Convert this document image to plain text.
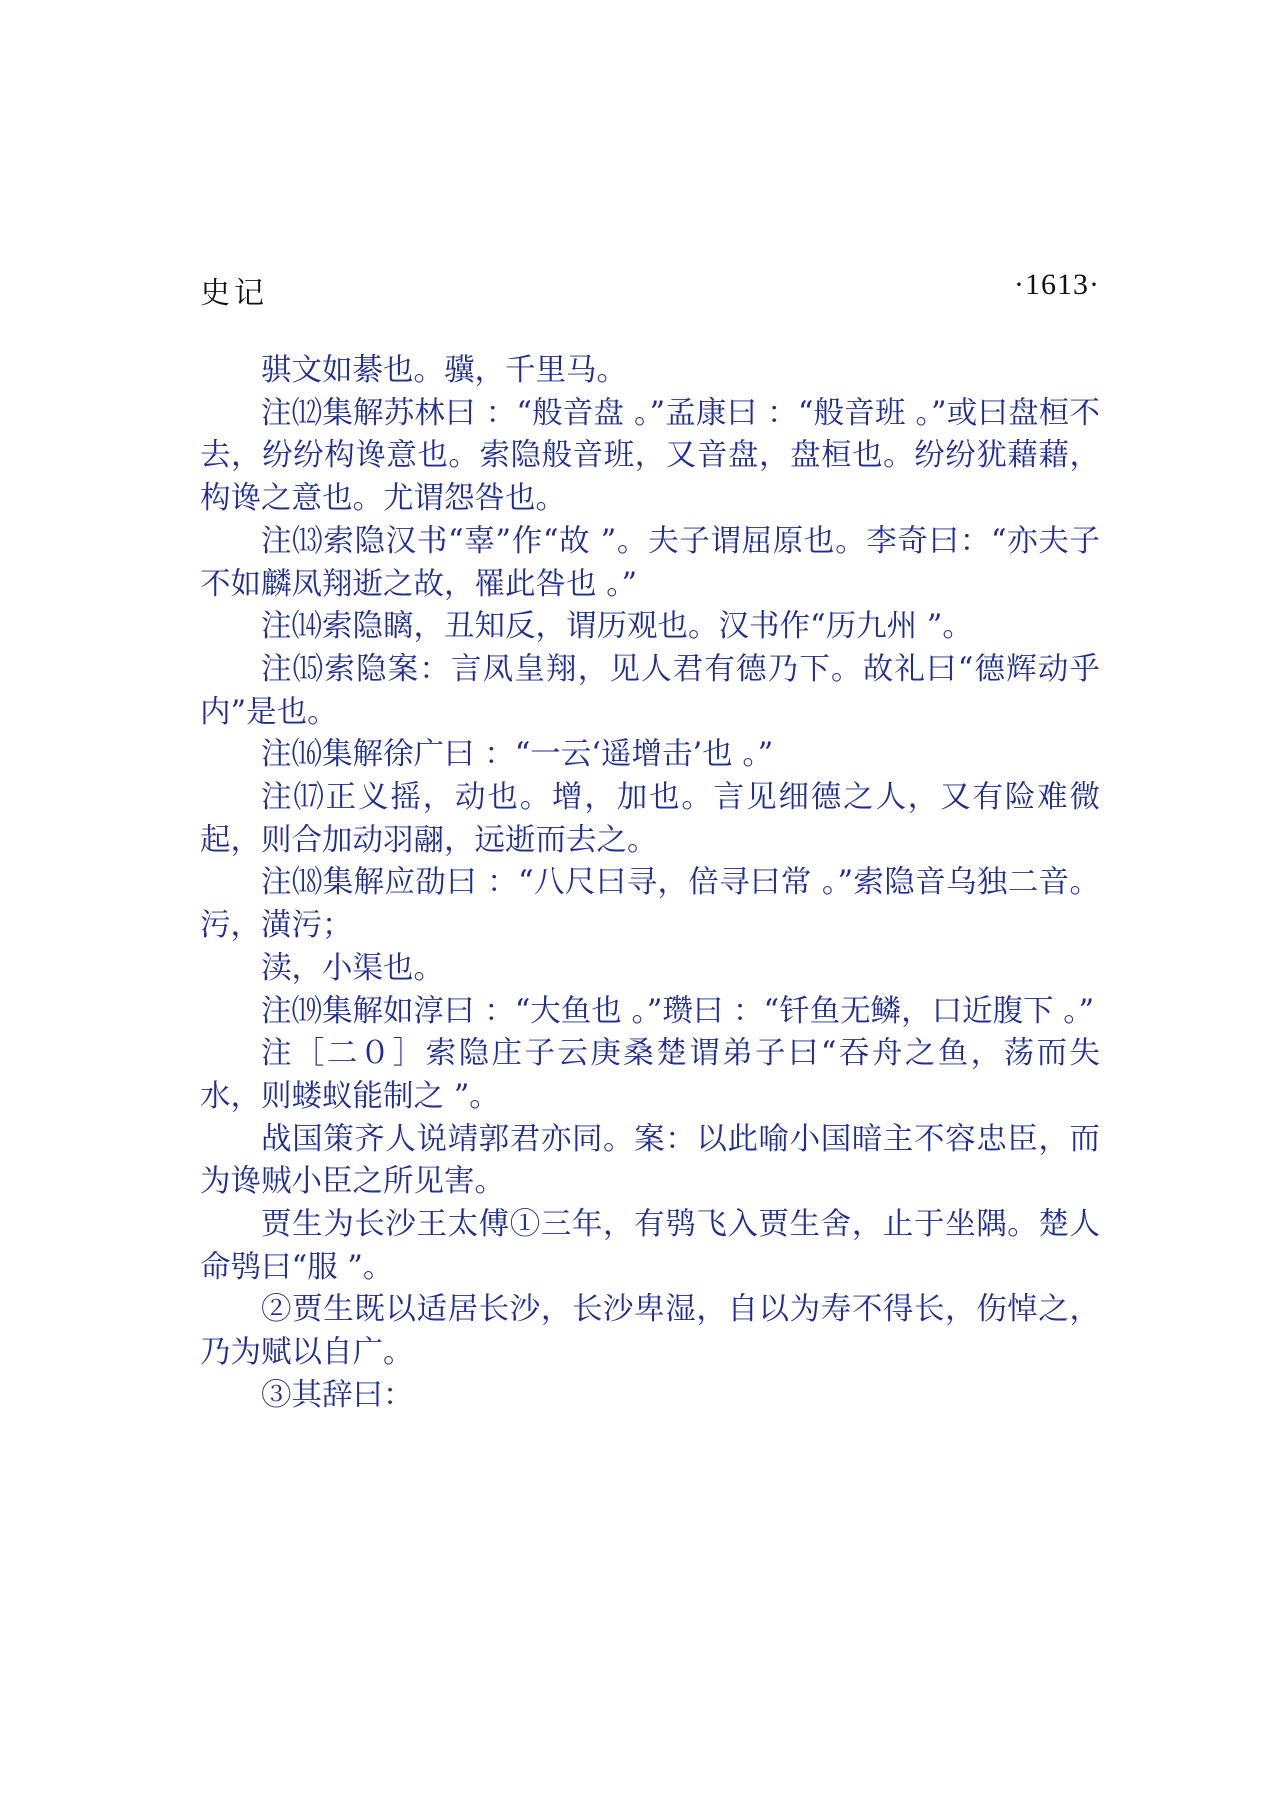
史记	·1613·

骐文如綦也。骥，千里马。

注⑿集解苏林曰 ：“般音盘 。”孟康曰 ：“般音班 。”或曰盘桓不去，纷纷构谗意也。索隐般音班，又音盘，盘桓也。纷纷犹藉藉，构谗之意也。尤谓怨咎也。

注⒀索隐汉书“辜”作“故 ”。夫子谓屈原也。李奇曰：“亦夫子不如麟凤翔逝之故，罹此咎也 。”

注⒁索隐瞝，丑知反，谓历观也。汉书作“历九州 ”。

注⒂索隐案：言凤皇翔，见人君有德乃下。故礼曰“德辉动乎内”是也。

注⒃集解徐广曰 ：“一云‘遥增击’也 。”

注⒄正义摇，动也。增，加也。言见细德之人，又有险难微起，则合加动羽翮，远逝而去之。

注⒅集解应劭曰 ：“八尺曰寻，倍寻曰常 。”索隐音乌独二音。污，潢污；

渎，小渠也。

注⒆集解如淳曰 ：“大鱼也 。”瓒曰 ：“钎鱼无鳞，口近腹下 。”

注［二０］索隐庄子云庚桑楚谓弟子曰“吞舟之鱼，荡而失水，则蝼蚁能制之 ”。

战国策齐人说靖郭君亦同。案：以此喻小国暗主不容忠臣，而为谗贼小臣之所见害。

贾生为长沙王太傅①三年，有鸮飞入贾生舍，止于坐隅。楚人命鸮曰“服 ”。

②贾生既以适居长沙，长沙卑湿，自以为寿不得长，伤悼之，乃为赋以自广。

③其辞曰：
